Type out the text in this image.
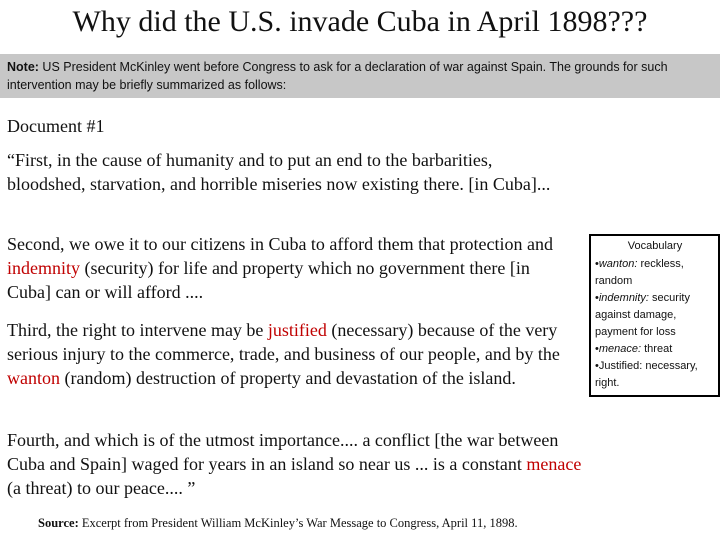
Why did the U.S. invade Cuba in April 1898???
Note: US President McKinley went before Congress to ask for a declaration of war against Spain. The grounds for such intervention may be briefly summarized as follows:
Document #1
“First, in the cause of humanity and to put an end to the barbarities, bloodshed, starvation, and horrible miseries now existing there. [in Cuba]...
Second, we owe it to our citizens in Cuba to afford them that protection and indemnity (security) for life and property which no government there [in Cuba] can or will afford ....
Third, the right to intervene may be justified (necessary) because of the very serious injury to the commerce, trade, and business of our people, and by the wanton (random) destruction of property and devastation of the island.
Fourth, and which is of the utmost importance.... a conflict [the war between Cuba and Spain] waged for years in an island so near us ... is a constant menace (a threat) to our peace.... ”
Source: Excerpt from President William McKinley’s War Message to Congress, April 11, 1898.
Vocabulary
•wanton: reckless, random
•indemnity: security against damage, payment for loss
•menace: threat
•Justified: necessary, right.
